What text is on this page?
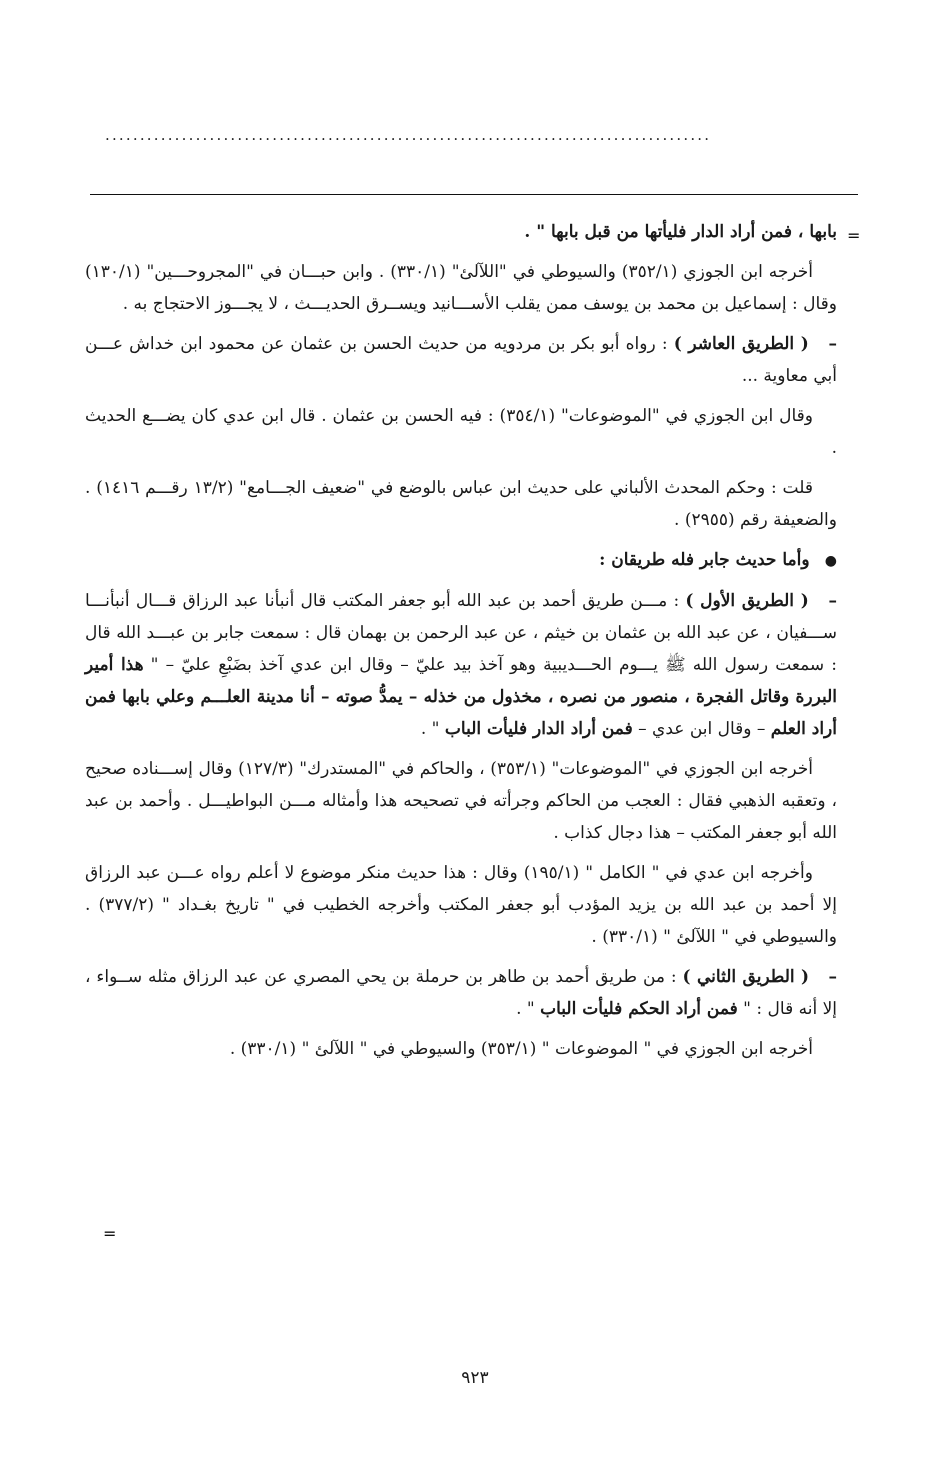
.......................................................................................
=
=

بابها ، فمن أراد الدار فليأتها من قبل بابها " .

أخرجه ابن الجوزي (٣٥٢/١) والسيوطي في "اللآلئ" (٣٣٠/١) . وابن حبـــان في "المجروحـــين" (١٣٠/١) وقال : إسماعيل بن محمد بن يوسف ممن يقلب الأســـانيد ويســرق الحديـــث ، لا يجـــوز الاحتجاج به .

– ( الطريق العاشر ) : رواه أبو بكر بن مردويه من حديث الحسن بن عثمان عن محمود ابن خداش عـــن أبي معاوية ...

وقال ابن الجوزي في "الموضوعات" (٣٥٤/١) : فيه الحسن بن عثمان . قال ابن عدي كان يضـــع الحديث .

قلت : وحكم المحدث الألباني على حديث ابن عباس بالوضع في "ضعيف الجـــامع" (١٣/٢ رقـــم ١٤١٦) . والضعيفة رقم (٢٩٥٥) .

● وأما حديث جابر فله طريقان :

– ( الطريق الأول ) : مـــن طريق أحمد بن عبد الله أبو جعفر المكتب قال أنبأنا عبد الرزاق قـــال أنبأنـــا ســـفيان ، عن عبد الله بن عثمان بن خيثم ، عن عبد الرحمن بن بهمان قال : سمعت جابر بن عبـــد الله قال : سمعت رسول الله ﷺ يـــوم الحـــديبية وهو آخذ بيد عليّ – وقال ابن عدي آخذ بضَبْعِ عليّ – " هذا أمير البررة وقاتل الفجرة ، منصور من نصره ، مخذول من خذله – يمدُّ صوته – أنا مدينة العلـــم وعلي بابها فمن أراد العلم – وقال ابن عدي – فمن أراد الدار فليأت الباب " .

أخرجه ابن الجوزي في "الموضوعات" (٣٥٣/١) ، والحاكم في "المستدرك" (١٢٧/٣) وقال إســـناده صحيح ، وتعقبه الذهبي فقال : العجب من الحاكم وجرأته في تصحيحه هذا وأمثاله مـــن البواطيـــل . وأحمد بن عبد الله أبو جعفر المكتب – هذا دجال كذاب .

وأخرجه ابن عدي في " الكامل " (١٩٥/١) وقال : هذا حديث منكر موضوع لا أعلم رواه عـــن عبد الرزاق إلا أحمد بن عبد الله بن يزيد المؤدب أبو جعفر المكتب وأخرجه الخطيب في " تاريخ بغـداد " (٣٧٧/٢) . والسيوطي في " اللآلئ " (٣٣٠/١) .

– ( الطريق الثاني ) : من طريق أحمد بن طاهر بن حرملة بن يحي المصري عن عبد الرزاق مثله ســواء ، إلا أنه قال : " فمن أراد الحكم فليأت الباب " .

أخرجه ابن الجوزي في " الموضوعات " (٣٥٣/١) والسيوطي في " اللآلئ " (٣٣٠/١) .

٩٢٣
